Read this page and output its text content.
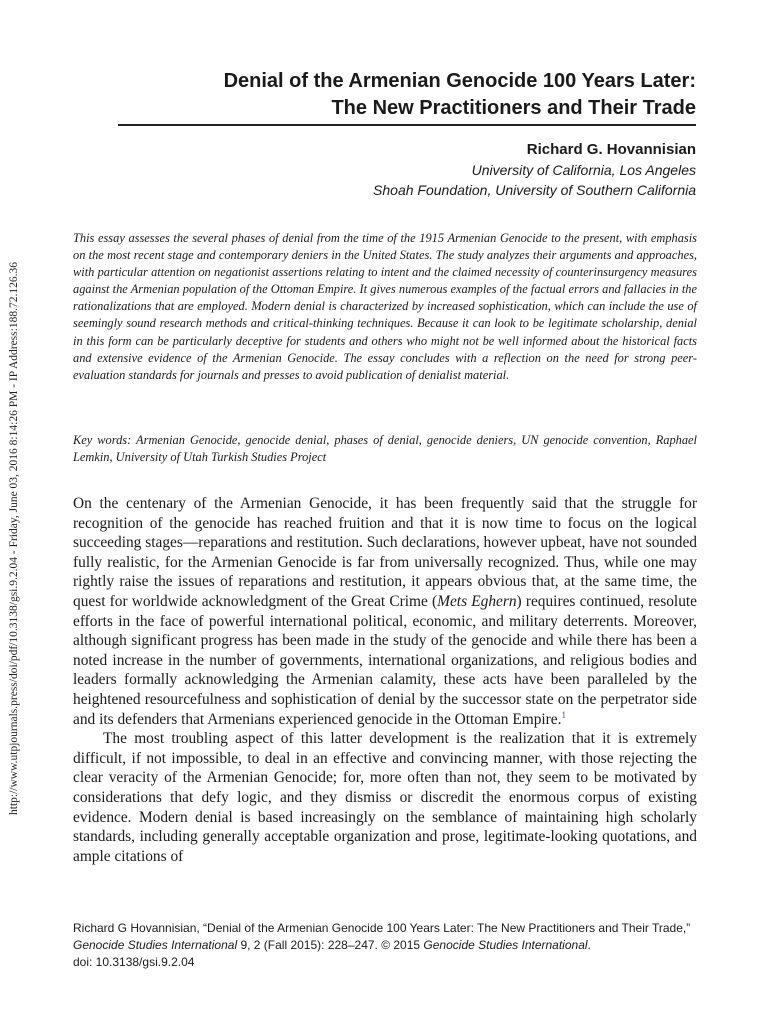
http://www.utpjournals.press/doi/pdf/10.3138/gsi.9.2.04 - Friday, June 03, 2016 8:14:26 PM - IP Address:188.72.126.36
Denial of the Armenian Genocide 100 Years Later:
The New Practitioners and Their Trade
Richard G. Hovannisian
University of California, Los Angeles
Shoah Foundation, University of Southern California

This essay assesses the several phases of denial from the time of the 1915 Armenian Genocide to the present, with emphasis on the most recent stage and contemporary deniers in the United States. The study analyzes their arguments and approaches, with particular attention on negationist assertions relating to intent and the claimed necessity of counterinsurgency measures against the Armenian population of the Ottoman Empire. It gives numerous examples of the factual errors and fallacies in the rationalizations that are employed. Modern denial is characterized by increased sophistication, which can include the use of seemingly sound research methods and critical-thinking techniques. Because it can look to be legitimate scholarship, denial in this form can be particularly deceptive for students and others who might not be well informed about the historical facts and extensive evidence of the Armenian Genocide. The essay concludes with a reflection on the need for strong peer-evaluation standards for journals and presses to avoid publication of denialist material.

Key words: Armenian Genocide, genocide denial, phases of denial, genocide deniers, UN genocide convention, Raphael Lemkin, University of Utah Turkish Studies Project

On the centenary of the Armenian Genocide, it has been frequently said that the struggle for recognition of the genocide has reached fruition and that it is now time to focus on the logical succeeding stages—reparations and restitution. Such declarations, however upbeat, have not sounded fully realistic, for the Armenian Genocide is far from universally recognized. Thus, while one may rightly raise the issues of reparations and restitution, it appears obvious that, at the same time, the quest for worldwide acknowledgment of the Great Crime (Mets Eghern) requires continued, resolute efforts in the face of powerful international political, economic, and military deterrents. Moreover, although significant progress has been made in the study of the genocide and while there has been a noted increase in the number of governments, international organizations, and religious bodies and leaders formally acknowledging the Armenian calamity, these acts have been paralleled by the heightened resourcefulness and sophistication of denial by the successor state on the perpetrator side and its defenders that Armenians experienced genocide in the Ottoman Empire.$^1$

The most troubling aspect of this latter development is the realization that it is extremely difficult, if not impossible, to deal in an effective and convincing manner, with those rejecting the clear veracity of the Armenian Genocide; for, more often than not, they seem to be motivated by considerations that defy logic, and they dismiss or discredit the enormous corpus of existing evidence. Modern denial is based increasingly on the semblance of maintaining high scholarly standards, including generally acceptable organization and prose, legitimate-looking quotations, and ample citations of

Richard G Hovannisian, “Denial of the Armenian Genocide 100 Years Later: The New Practitioners and Their Trade,” Genocide Studies International 9, 2 (Fall 2015): 228–247. © 2015 Genocide Studies International.
doi: 10.3138/gsi.9.2.04
